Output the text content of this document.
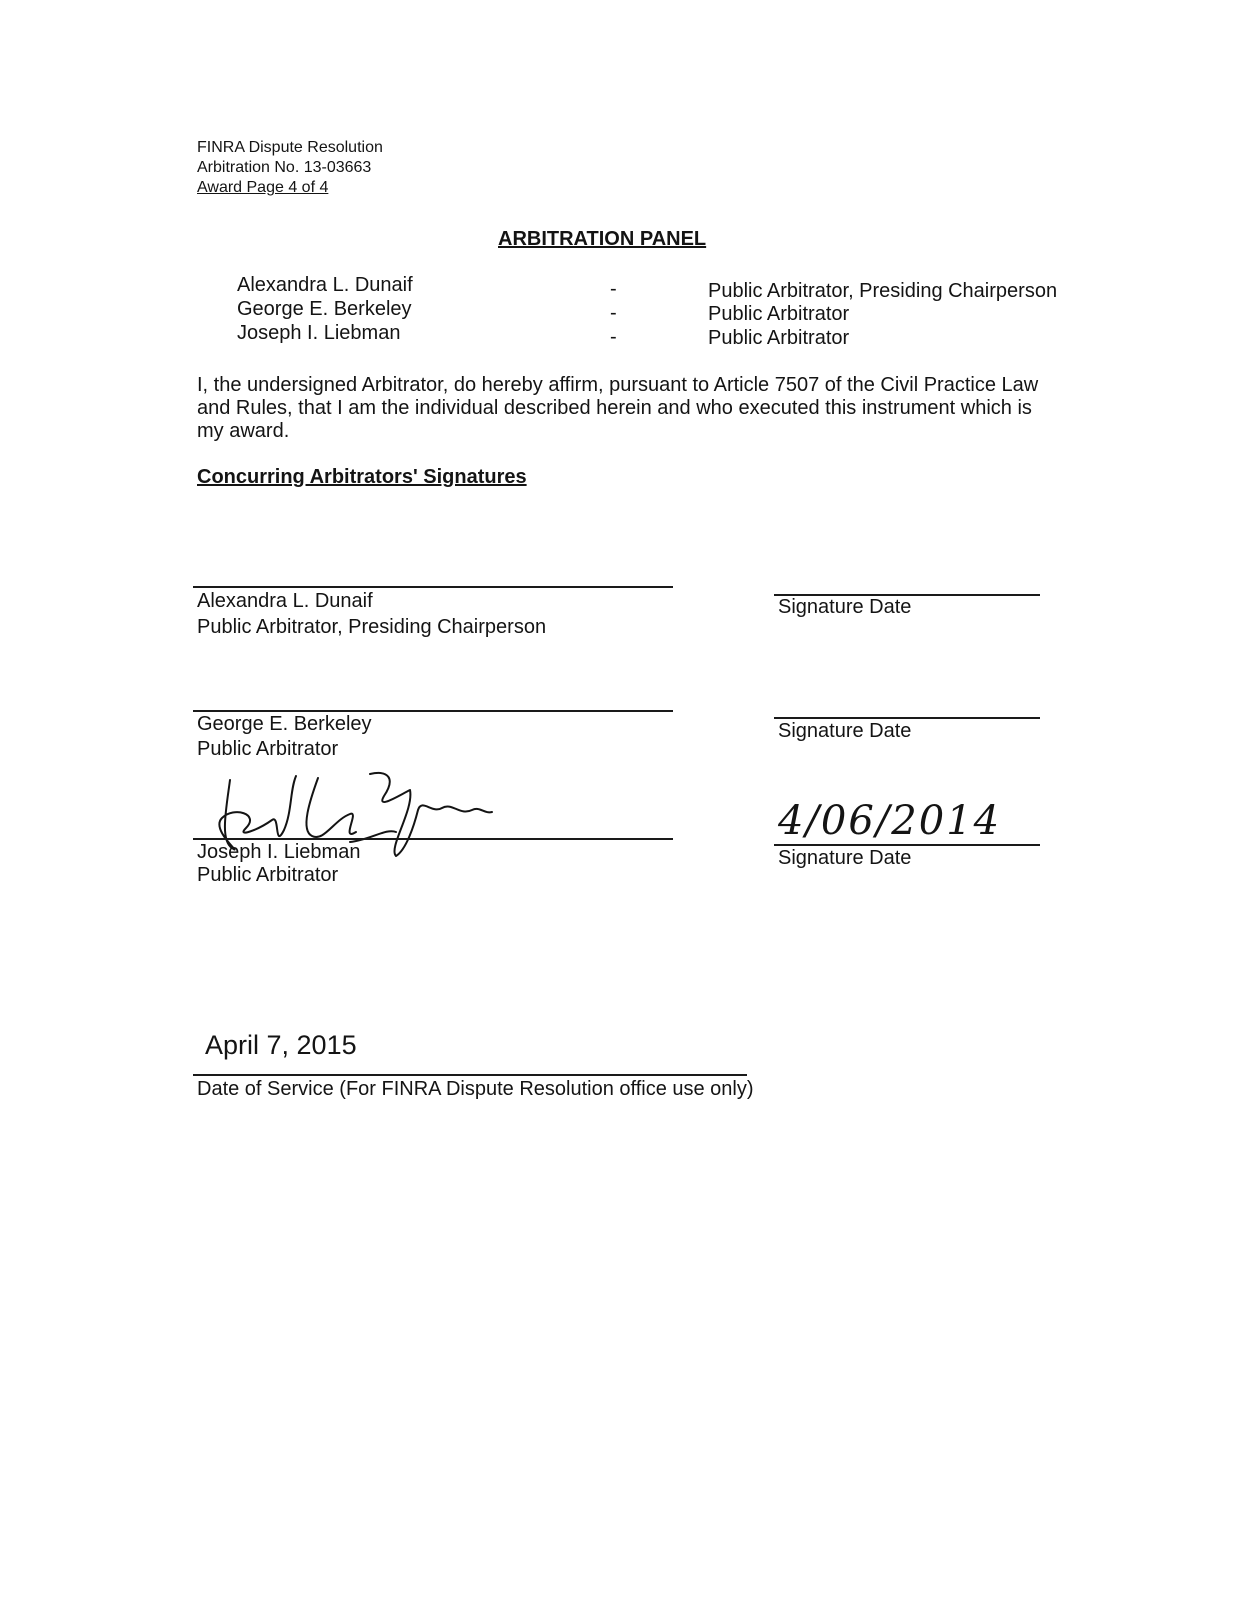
FINRA Dispute Resolution
Arbitration No. 13-03663
Award Page 4 of 4
ARBITRATION PANEL
Alexandra L. Dunaif	-	Public Arbitrator, Presiding Chairperson
George E. Berkeley	-	Public Arbitrator
Joseph I. Liebman	-	Public Arbitrator
I, the undersigned Arbitrator, do hereby affirm, pursuant to Article 7507 of the Civil Practice Law and Rules, that I am the individual described herein and who executed this instrument which is my award.
Concurring Arbitrators' Signatures
Alexandra L. Dunaif
Public Arbitrator, Presiding Chairperson
Signature Date
George E. Berkeley
Public Arbitrator
Signature Date
Joseph I. Liebman
Public Arbitrator
4/06/2014
Signature Date
April 7, 2015
Date of Service (For FINRA Dispute Resolution office use only)
